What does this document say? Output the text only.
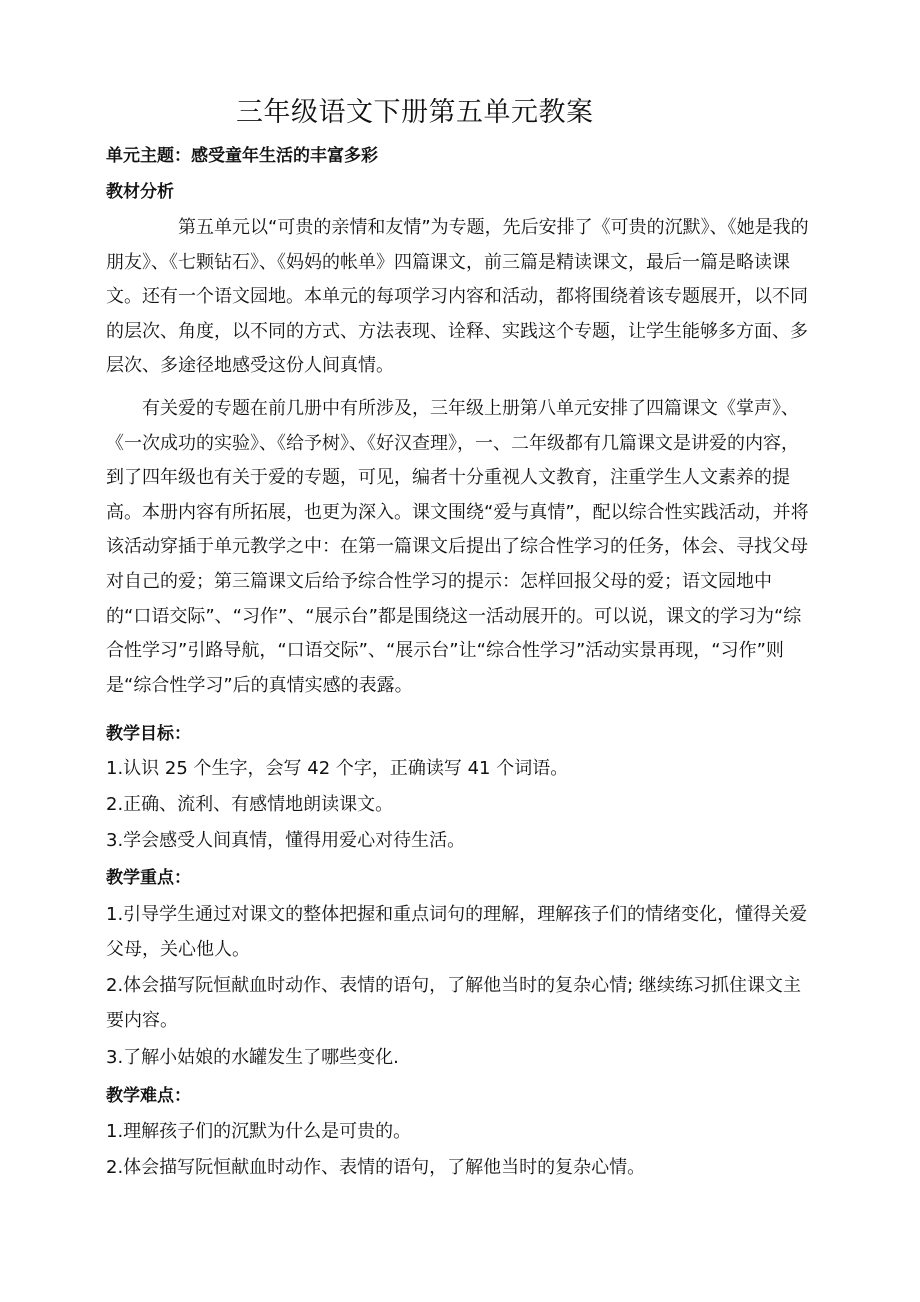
三年级语文下册第五单元教案
单元主题：感受童年生活的丰富多彩
教材分析

第五单元以“可贵的亲情和友情”为专题，先后安排了《可贵的沉默》、《她是我的朋友》、《七颗钻石》、《妈妈的帐单》四篇课文，前三篇是精读课文，最后一篇是略读课文。还有一个语文园地。本单元的每项学习内容和活动，都将围绕着该专题展开，以不同的层次、角度，以不同的方式、方法表现、诠释、实践这个专题，让学生能够多方面、多层次、多途径地感受这份人间真情。

有关爱的专题在前几册中有所涉及，三年级上册第八单元安排了四篇课文《掌声》、《一次成功的实验》、《给予树》、《好汉查理》，一、二年级都有几篇课文是讲爱的内容，到了四年级也有关于爱的专题，可见，编者十分重视人文教育，注重学生人文素养的提高。本册内容有所拓展，也更为深入。课文围绕“爱与真情”，配以综合性实践活动，并将该活动穿插于单元教学之中：在第一篇课文后提出了综合性学习的任务，体会、寻找父母对自己的爱；第三篇课文后给予综合性学习的提示：怎样回报父母的爱；语文园地中的“口语交际”、“习作”、“展示台”都是围绕这一活动展开的。可以说，课文的学习为“综合性学习”引路导航，“口语交际”、“展示台”让“综合性学习”活动实景再现，“习作”则是“综合性学习”后的真情实感的表露。

教学目标：
1.认识 25 个生字，会写 42 个字，正确读写 41 个词语。
2.正确、流利、有感情地朗读课文。
3.学会感受人间真情，懂得用爱心对待生活。
教学重点：

1.引导学生通过对课文的整体把握和重点词句的理解，理解孩子们的情绪变化，懂得关爱父母，关心他人。

2.体会描写阮恒献血时动作、表情的语句，了解他当时的复杂心情; 继续练习抓住课文主要内容。

3.了解小姑娘的水罐发生了哪些变化.
教学难点：
1.理解孩子们的沉默为什么是可贵的。
2.体会描写阮恒献血时动作、表情的语句，了解他当时的复杂心情。
